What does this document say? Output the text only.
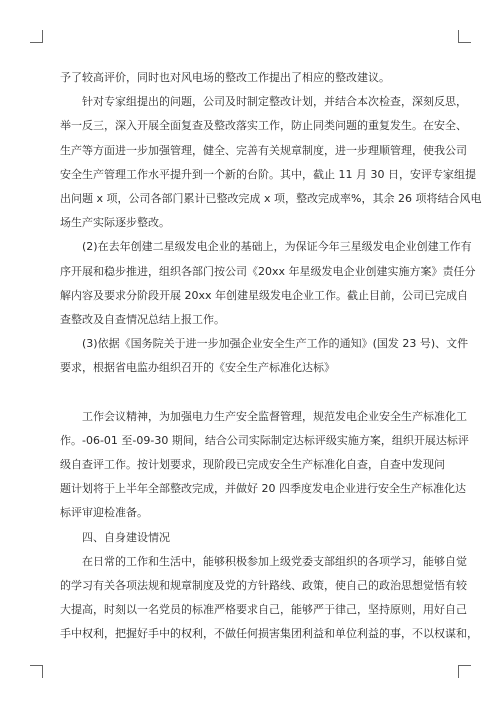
予了较高评价，同时也对风电场的整改工作提出了相应的整改建议。
针对专家组提出的问题，公司及时制定整改计划，并结合本次检查，深刻反思，
举一反三，深入开展全面复查及整改落实工作，防止同类问题的重复发生。在安全、
生产等方面进一步加强管理，健全、完善有关规章制度，进一步理顺管理，使我公司
安全生产管理工作水平提升到一个新的台阶。其中，截止 11 月 30 日，安评专家组提
出问题 x 项，公司各部门累计已整改完成 x 项，整改完成率%，其余 26 项将结合风电
场生产实际逐步整改。
(2)在去年创建二星级发电企业的基础上，为保证今年三星级发电企业创建工作有
序开展和稳步推进，组织各部门按公司《20xx 年星级发电企业创建实施方案》责任分
解内容及要求分阶段开展 20xx 年创建星级发电企业工作。截止目前，公司已完成自
查整改及自查情况总结上报工作。
(3)依据《国务院关于进一步加强企业安全生产工作的通知》(国发 23 号)、文件
要求，根据省电监办组织召开的《安全生产标准化达标》
工作会议精神，为加强电力生产安全监督管理，规范发电企业安全生产标准化工
作。-06-01 至-09-30 期间，结合公司实际制定达标评级实施方案，组织开展达标评
级自查评工作。按计划要求，现阶段已完成安全生产标准化自查，自查中发现问
题计划将于上半年全部整改完成，并做好 20 四季度发电企业进行安全生产标准化达
标评审迎检准备。
四、自身建设情况
在日常的工作和生活中，能够积极参加上级党委支部组织的各项学习，能够自觉
的学习有关各项法规和规章制度及党的方针路线、政策，使自己的政治思想觉悟有较
大提高，时刻以一名党员的标准严格要求自己，能够严于律己，坚持原则，用好自己
手中权利，把握好手中的权利，不做任何损害集团利益和单位利益的事，不以权谋和，
